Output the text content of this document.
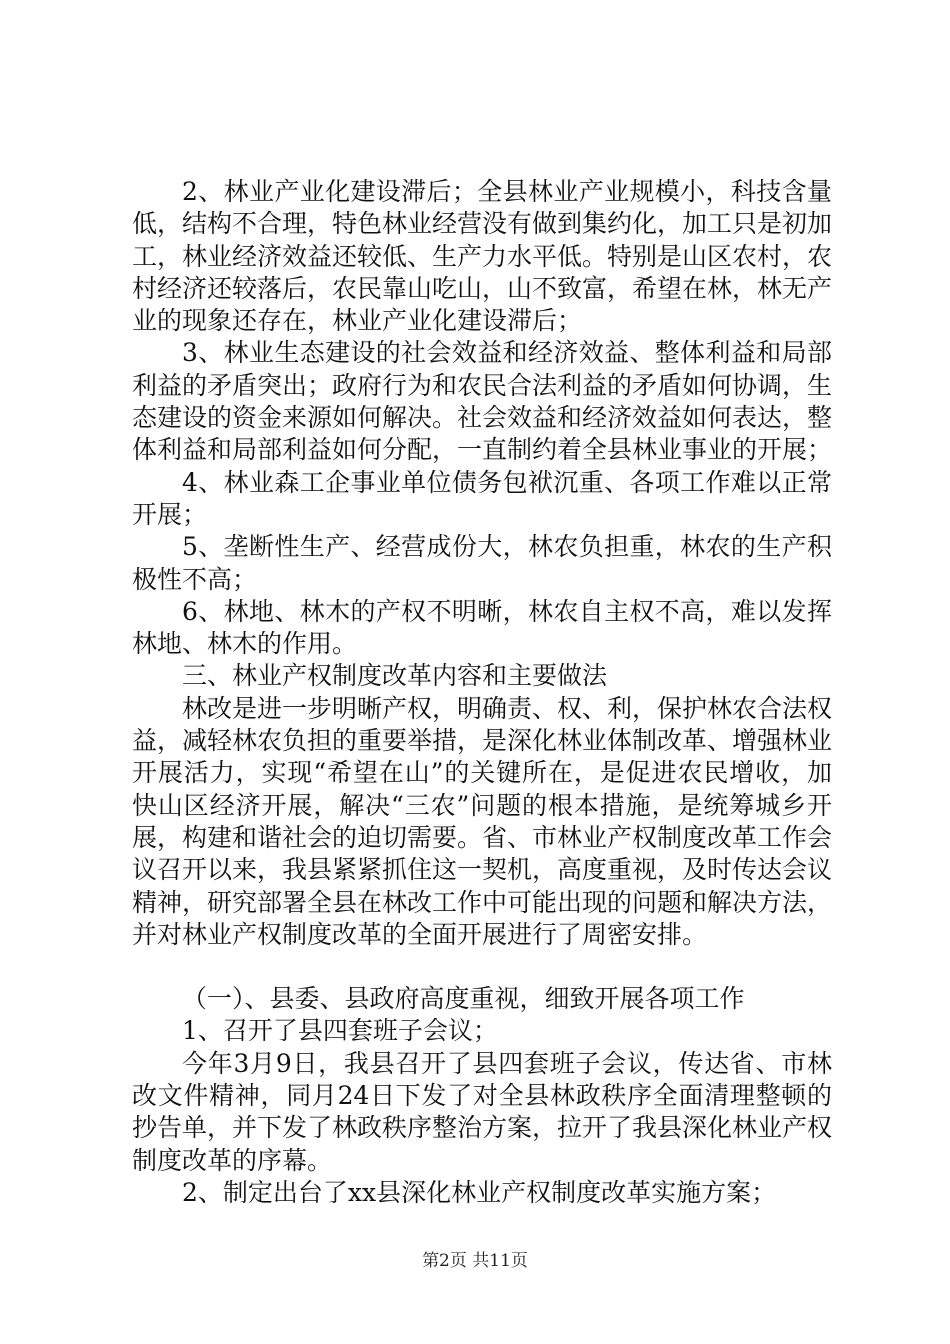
2、林业产业化建设滞后；全县林业产业规模小，科技含量低，结构不合理，特色林业经营没有做到集约化，加工只是初加工，林业经济效益还较低、生产力水平低。特别是山区农村，农村经济还较落后，农民靠山吃山，山不致富，希望在林，林无产业的现象还存在，林业产业化建设滞后；

3、林业生态建设的社会效益和经济效益、整体利益和局部利益的矛盾突出；政府行为和农民合法利益的矛盾如何协调，生态建设的资金来源如何解决。社会效益和经济效益如何表达，整体利益和局部利益如何分配，一直制约着全县林业事业的开展；

4、林业森工企事业单位债务包袱沉重、各项工作难以正常开展；

5、垄断性生产、经营成份大，林农负担重，林农的生产积极性不高；

6、林地、林木的产权不明晰，林农自主权不高，难以发挥林地、林木的作用。

三、林业产权制度改革内容和主要做法

林改是进一步明晰产权，明确责、权、利，保护林农合法权益，减轻林农负担的重要举措，是深化林业体制改革、增强林业开展活力，实现“希望在山”的关键所在，是促进农民增收，加快山区经济开展，解决“三农”问题的根本措施，是统筹城乡开展，构建和谐社会的迫切需要。省、市林业产权制度改革工作会议召开以来，我县紧紧抓住这一契机，高度重视，及时传达会议精神，研究部署全县在林改工作中可能出现的问题和解决方法，并对林业产权制度改革的全面开展进行了周密安排。

（一）、县委、县政府高度重视，细致开展各项工作

1、召开了县四套班子会议；

今年3月9日，我县召开了县四套班子会议，传达省、市林改文件精神，同月24日下发了对全县林政秩序全面清理整顿的抄告单，并下发了林政秩序整治方案，拉开了我县深化林业产权制度改革的序幕。

2、制定出台了xx县深化林业产权制度改革实施方案；

第2页 共11页
